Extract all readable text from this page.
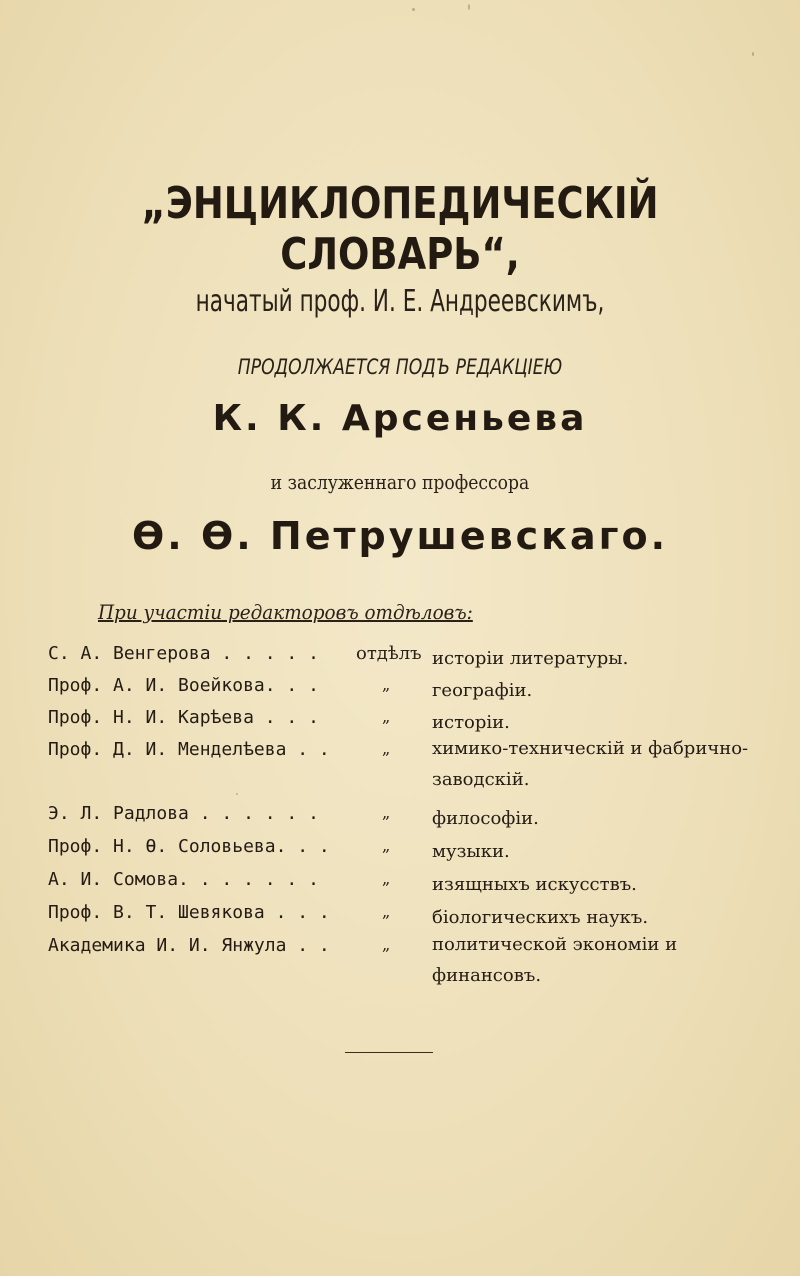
„ЭНЦИКЛОПЕДИЧЕСКІЙ СЛОВАРЬ“,
начатый проф. И. Е. Андреевскимъ,
ПРОДОЛЖАЕТСЯ ПОДЪ РЕДАКЦІЕЮ
К. К. Арсеньева
и заслуженнаго профессора
Ѳ. Ѳ. Петрушевскаго.
При участіи редакторовъ отдѣловъ:
С. А. Венгерова . . . . . отдѣлъ исторіи литературы.
Проф. А. И. Воейкова. . .	„ географіи.
Проф. Н. И. Карѣева . . .	„ исторіи.
Проф. Д. И. Менделѣева . .	„ химико-техническій и фабрично-заводскій.
Э. Л. Радлова . . . . . .	„ философіи.
Проф. Н. Ѳ. Соловьева. . .	„ музыки.
А. И. Сомова. . . . . . .	„ изящныхъ искусствъ.
Проф. В. Т. Шевякова . . .	„ біологическихъ наукъ.
Академика И. И. Янжула . .	„ политической экономіи и финансовъ.
